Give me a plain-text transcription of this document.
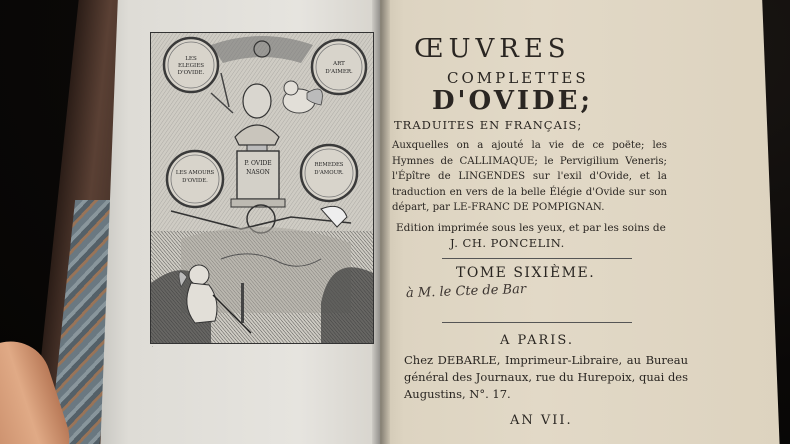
LES
ELEGIES
D'OVIDE.
ART
D'AIMER.
P. OVIDE
NASON
LES AMOURS
D'OVIDE.
REMEDES
D'AMOUR.
·
ŒUVRES
COMPLETTES
D'OVIDE;
TRADUITES EN FRANÇAIS;
Auxquelles on a ajouté la vie de ce poëte; les Hymnes de CALLIMAQUE; le Pervigilium Veneris; l'Épître de LINGENDES sur l'exil d'Ovide, et la traduction en vers de la belle Élégie d'Ovide sur son départ, par LE-FRANC DE POMPIGNAN.
Edition imprimée sous les yeux, et par les soins de
J. CH. PONCELIN.
TOME SIXIÈME.
à M. le Cte de Bar
A PARIS.
Chez DEBARLE, Imprimeur-Libraire, au Bureau général des Journaux, rue du Hurepoix, quai des Augustins, N°. 17.
AN VII.
